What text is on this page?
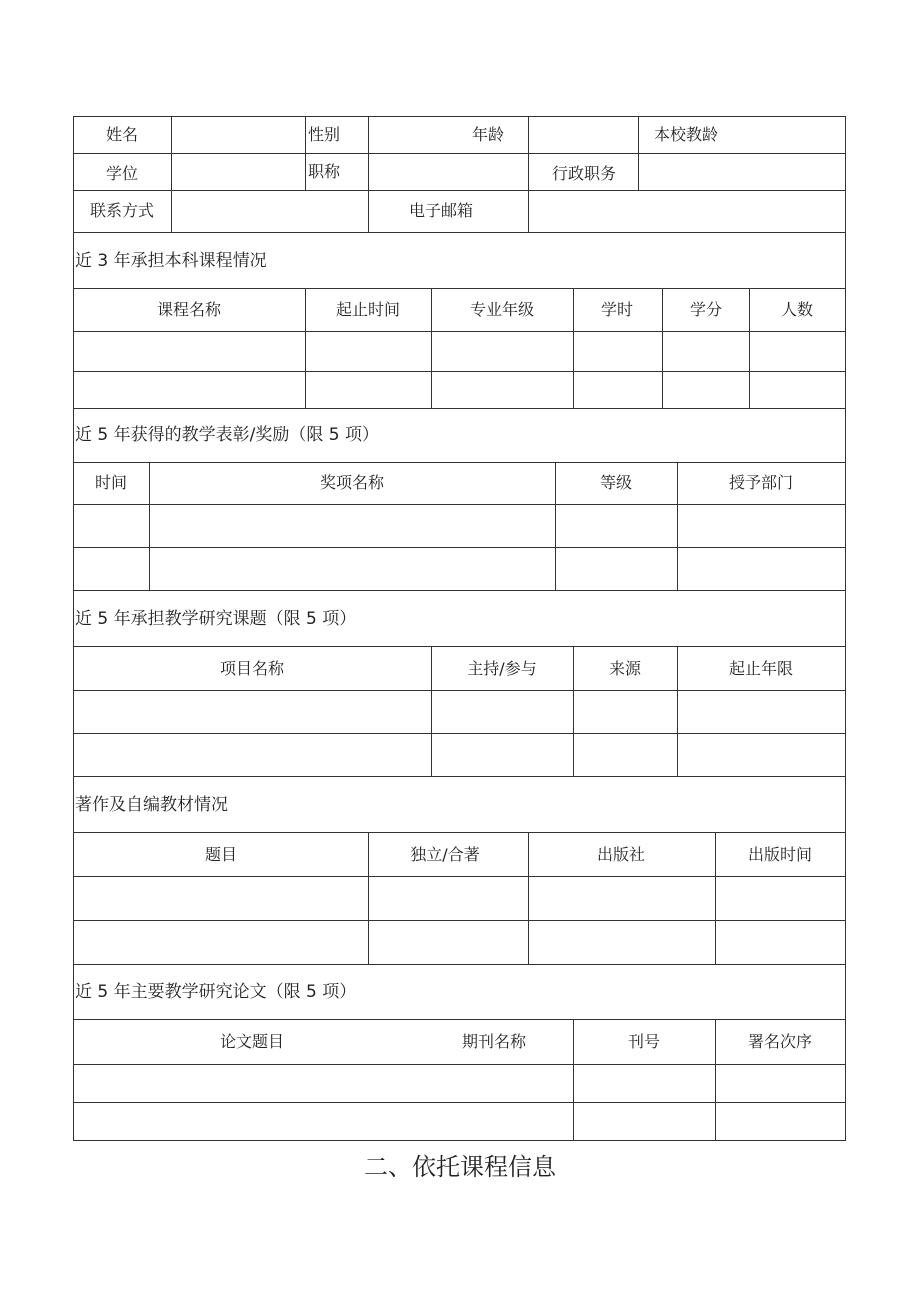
姓名	性别	年龄	本校教龄
学位	职称	行政职务
联系方式	电子邮箱
近 3 年承担本科课程情况
课程名称	起止时间	专业年级	学时	学分	人数
近 5 年获得的教学表彰/奖励（限 5 项）
时间	奖项名称	等级	授予部门
近 5 年承担教学研究课题（限 5 项）
项目名称	主持/参与	来源	起止年限
著作及自编教材情况
题目	独立/合著	出版社	出版时间
近 5 年主要教学研究论文（限 5 项）
论文题目	期刊名称	刊号	署名次序
二、依托课程信息
